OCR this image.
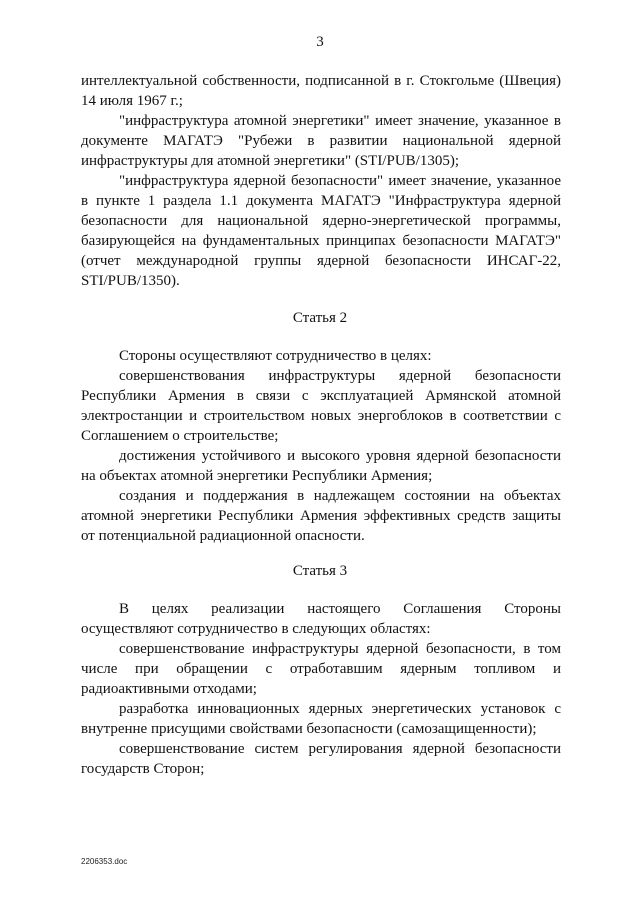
3

интеллектуальной собственности, подписанной в г. Стокгольме (Швеция) 14 июля 1967 г.;

"инфраструктура атомной энергетики" имеет значение, указанное в документе МАГАТЭ "Рубежи в развитии национальной ядерной инфраструктуры для атомной энергетики" (STI/PUB/1305);

"инфраструктура ядерной безопасности" имеет значение, указанное в пункте 1 раздела 1.1 документа МАГАТЭ "Инфраструктура ядерной безопасности для национальной ядерно-энергетической программы, базирующейся на фундаментальных принципах безопасности МАГАТЭ" (отчет международной группы ядерной безопасности ИНСАГ-22, STI/PUB/1350).

Статья 2

Стороны осуществляют сотрудничество в целях:

совершенствования инфраструктуры ядерной безопасности Республики Армения в связи с эксплуатацией Армянской атомной электростанции и строительством новых энергоблоков в соответствии с Соглашением о строительстве;

достижения устойчивого и высокого уровня ядерной безопасности на объектах атомной энергетики Республики Армения;

создания и поддержания в надлежащем состоянии на объектах атомной энергетики Республики Армения эффективных средств защиты от потенциальной радиационной опасности.

Статья 3

В целях реализации настоящего Соглашения Стороны осуществляют сотрудничество в следующих областях:

совершенствование инфраструктуры ядерной безопасности, в том числе при обращении с отработавшим ядерным топливом и радиоактивными отходами;

разработка инновационных ядерных энергетических установок с внутренне присущими свойствами безопасности (самозащищенности);

совершенствование систем регулирования ядерной безопасности государств Сторон;

2206353.doc
